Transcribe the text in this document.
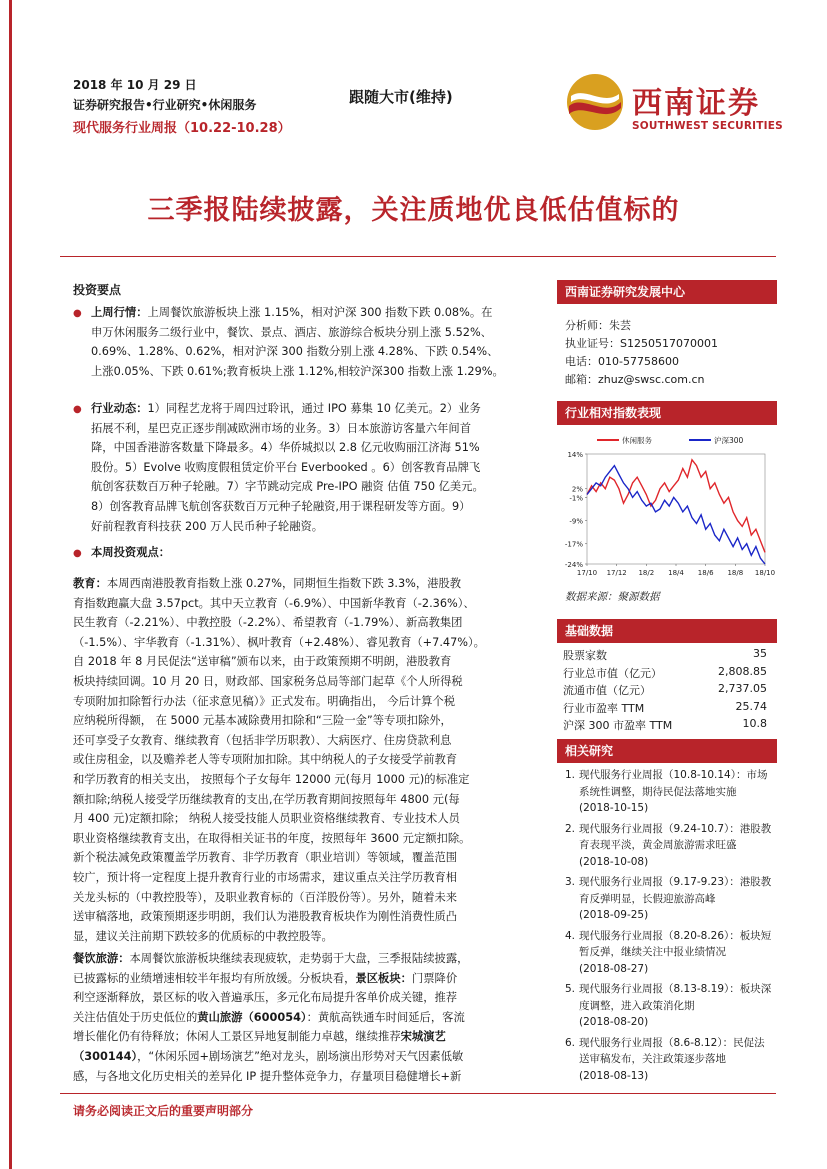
2018 年 10 月 29 日
证券研究报告•行业研究•休闲服务
现代服务行业周报（10.22-10.28）
跟随大市(维持)	西南证券
SOUTHWEST SECURITIES
三季报陆续披露，关注质地优良低估值标的
投资要点
● 上周行情：上周餐饮旅游板块上涨 1.15%，相对沪深 300 指数下跌 0.08%。在
申万休闲服务二级行业中，餐饮、景点、酒店、旅游综合板块分别上涨 5.52%、
0.69%、1.28%、0.62%，相对沪深 300 指数分别上涨 4.28%、下跌 0.54%、
上涨0.05%、下跌 0.61%;教育板块上涨 1.12%,相较沪深300 指数上涨 1.29%。
● 行业动态：1）同程艺龙将于周四过聆讯，通过 IPO 募集 10 亿美元。2）业务
拓展不利，星巴克正逐步削减欧洲市场的业务。3）日本旅游访客量六年间首
降，中国香港游客数量下降最多。4）华侨城拟以 2.8 亿元收购丽江济海 51%
股份。5）Evolve 收购度假租赁定价平台 Everbooked 。6）创客教育品牌飞
航创客获数百万种子轮融。7）字节跳动完成 Pre-IPO 融资 估值 750 亿美元。
8）创客教育品牌飞航创客获数百万元种子轮融资,用于课程研发等方面。9）
好前程教育科技获 200 万人民币种子轮融资。
● 本周投资观点：
教育：本周西南港股教育指数上涨 0.27%，同期恒生指数下跌 3.3%，港股教
育指数跑赢大盘 3.57pct。其中天立教育（-6.9%）、中国新华教育（-2.36%）、
民生教育（-2.21%）、中教控股（-2.2%）、希望教育（-1.79%）、新高教集团
（-1.5%）、宇华教育（-1.31%）、枫叶教育（+2.48%）、睿见教育（+7.47%）。
自 2018 年 8 月民促法“送审稿”颁布以来，由于政策预期不明朗，港股教育
板块持续回调。10 月 20 日，财政部、国家税务总局等部门起草《个人所得税
专项附加扣除暂行办法（征求意见稿）》正式发布。明确指出， 今后计算个税
应纳税所得额， 在 5000 元基本减除费用扣除和“三险一金”等专项扣除外，
还可享受子女教育、继续教育（包括非学历职教）、大病医疗、住房贷款利息
或住房租金，以及赡养老人等专项附加扣除。其中纳税人的子女接受学前教育
和学历教育的相关支出， 按照每个子女每年 12000 元(每月 1000 元)的标准定
额扣除;纳税人接受学历继续教育的支出,在学历教育期间按照每年 4800 元(每
月 400 元)定额扣除； 纳税人接受技能人员职业资格继续教育、专业技术人员
职业资格继续教育支出，在取得相关证书的年度，按照每年 3600 元定额扣除。
新个税法减免政策覆盖学历教育、非学历教育（职业培训）等领域，覆盖范围
较广，预计将一定程度上提升教育行业的市场需求，建议重点关注学历教育相
关龙头标的（中教控股等），及职业教育标的（百洋股份等）。另外，随着未来
送审稿落地，政策预期逐步明朗，我们认为港股教育板块作为刚性消费性质凸
显，建议关注前期下跌较多的优质标的中教控股等。
餐饮旅游：本周餐饮旅游板块继续表现疲软，走势弱于大盘，三季报陆续披露，
已披露标的业绩增速相较半年报均有所放缓。分板块看，景区板块：门票降价
利空逐渐释放，景区标的收入普遍承压，多元化布局提升客单价成关键，推荐
关注估值处于历史低位的黄山旅游（600054）：黄航高铁通车时间延后，客流
增长催化仍有待释放；休闲人工景区异地复制能力卓越，继续推荐宋城演艺
（300144），“休闲乐园+剧场演艺”绝对龙头，剧场演出形势对天气因素低敏
感，与各地文化历史相关的差异化 IP 提升整体竞争力，存量项目稳健增长+新
西南证券研究发展中心
分析师：朱芸
执业证号：S1250517070001
电话：010-57758600
邮箱：zhuz@swsc.com.cn
行业相对指数表现
14%
2%
-1%
-9%
-17%
-24%
17/10 17/12 18/2 18/4 18/6 18/8 18/10
休闲服务	沪深300
数据来源：聚源数据
基础数据
股票家数	35
行业总市值（亿元）	2,808.85
流通市值（亿元）	2,737.05
行业市盈率 TTM	25.74
沪深 300 市盈率 TTM	10.8
相关研究
1. 现代服务行业周报（10.8-10.14）：市场系统性调整，期待民促法落地实施
(2018-10-15)
2. 现代服务行业周报（9.24-10.7）：港股教育表现平淡，黄金周旅游需求旺盛
(2018-10-08)
3. 现代服务行业周报（9.17-9.23）：港股教育反弹明显，长假迎旅游高峰
(2018-09-25)
4. 现代服务行业周报（8.20-8.26）：板块短暂反弹，继续关注中报业绩情况
(2018-08-27)
5. 现代服务行业周报（8.13-8.19）：板块深度调整，进入政策消化期
(2018-08-20)
6. 现代服务行业周报（8.6-8.12）：民促法送审稿发布，关注政策逐步落地
(2018-08-13)
请务必阅读正文后的重要声明部分
